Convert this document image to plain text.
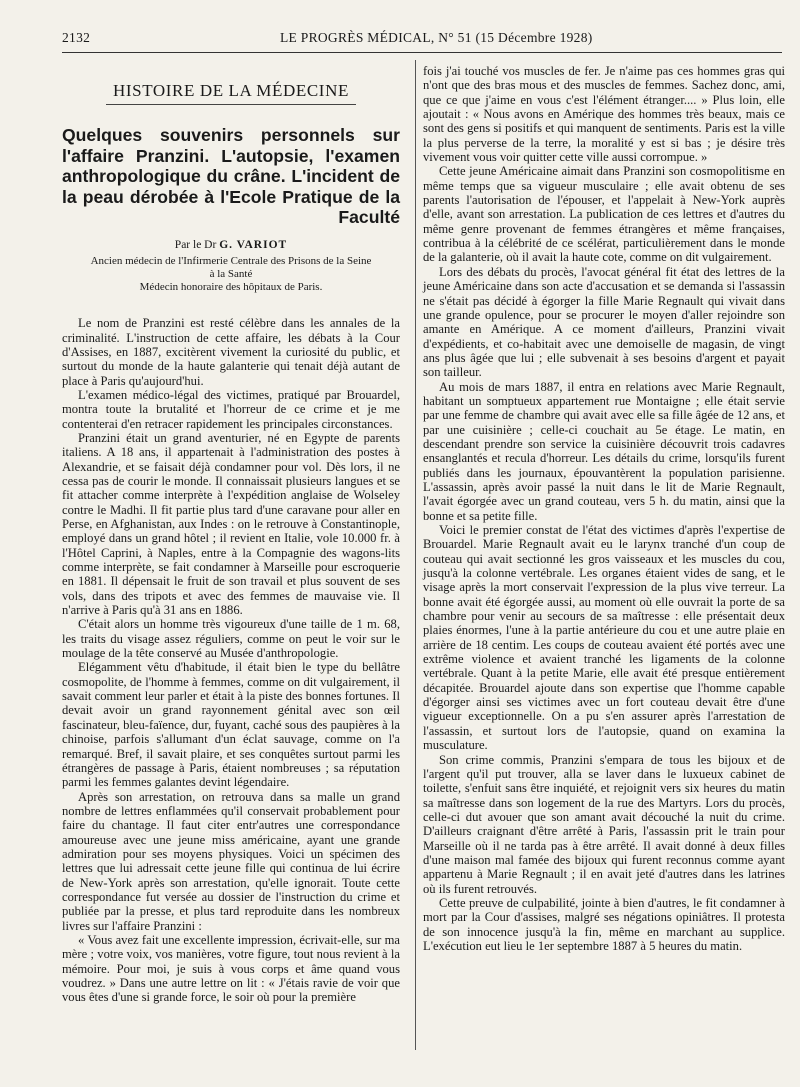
2132	LE PROGRÈS MÉDICAL, N° 51 (15 Décembre 1928)
HISTOIRE DE LA MÉDECINE
Quelques souvenirs personnels sur l'affaire Pranzini. L'autopsie, l'examen anthropologique du crâne. L'incident de la peau dérobée à l'Ecole Pratique de la Faculté
Par le Dr G. VARIOT
Ancien médecin de l'Infirmerie Centrale des Prisons de la Seine
à la Santé
Médecin honoraire des hôpitaux de Paris.

Le nom de Pranzini est resté célèbre dans les annales de la criminalité. L'instruction de cette affaire, les débats à la Cour d'Assises, en 1887, excitèrent vivement la curiosité du public, et surtout du monde de la haute galanterie qui tenait déjà autant de place à Paris qu'aujourd'hui.

L'examen médico-légal des victimes, pratiqué par Brouardel, montra toute la brutalité et l'horreur de ce crime et je me contenterai d'en retracer rapidement les principales circonstances.

Pranzini était un grand aventurier, né en Egypte de parents italiens. A 18 ans, il appartenait à l'administration des postes à Alexandrie, et se faisait déjà condamner pour vol. Dès lors, il ne cessa pas de courir le monde. Il connaissait plusieurs langues et se fit attacher comme interprète à l'expédition anglaise de Wolseley contre le Madhi. Il fit partie plus tard d'une caravane pour aller en Perse, en Afghanistan, aux Indes : on le retrouve à Constantinople, employé dans un grand hôtel ; il revient en Italie, vole 10.000 fr. à l'Hôtel Caprini, à Naples, entre à la Compagnie des wagons-lits comme interprète, se fait condamner à Marseille pour escroquerie en 1881. Il dépensait le fruit de son travail et plus souvent de ses vols, dans des tripots et avec des femmes de mauvaise vie. Il n'arrive à Paris qu'à 31 ans en 1886.

C'était alors un homme très vigoureux d'une taille de 1 m. 68, les traits du visage assez réguliers, comme on peut le voir sur le moulage de la tête conservé au Musée d'anthropologie.

Elégamment vêtu d'habitude, il était bien le type du bellâtre cosmopolite, de l'homme à femmes, comme on dit vulgairement, il savait comment leur parler et était à la piste des bonnes fortunes. Il devait avoir un grand rayonnement génital avec son œil fascinateur, bleu-faïence, dur, fuyant, caché sous des paupières à la chinoise, parfois s'allumant d'un éclat sauvage, comme on l'a remarqué. Bref, il savait plaire, et ses conquêtes surtout parmi les étrangères de passage à Paris, étaient nombreuses ; sa réputation parmi les femmes galantes devint légendaire.

Après son arrestation, on retrouva dans sa malle un grand nombre de lettres enflammées qu'il conservait probablement pour faire du chantage. Il faut citer entr'autres une correspondance amoureuse avec une jeune miss américaine, ayant une grande admiration pour ses moyens physiques. Voici un spécimen des lettres que lui adressait cette jeune fille qui continua de lui écrire de New-York après son arrestation, qu'elle ignorait. Toute cette correspondance fut versée au dossier de l'instruction du crime et publiée par la presse, et plus tard reproduite dans les nombreux livres sur l'affaire Pranzini :

« Vous avez fait une excellente impression, écrivait-elle, sur ma mère ; votre voix, vos manières, votre figure, tout nous revient à la mémoire. Pour moi, je suis à vous corps et âme quand vous voudrez. » Dans une autre lettre on lit : « J'étais ravie de voir que vous êtes d'une si grande force, le soir où pour la première

fois j'ai touché vos muscles de fer. Je n'aime pas ces hommes gras qui n'ont que des bras mous et des muscles de femmes. Sachez donc, ami, que ce que j'aime en vous c'est l'élément étranger.... » Plus loin, elle ajoutait : « Nous avons en Amérique des hommes très beaux, mais ce sont des gens si positifs et qui manquent de sentiments. Paris est la ville la plus perverse de la terre, la moralité y est si bas ; je désire très vivement vous voir quitter cette ville aussi corrompue. »

Cette jeune Américaine aimait dans Pranzini son cosmopolitisme en même temps que sa vigueur musculaire ; elle avait obtenu de ses parents l'autorisation de l'épouser, et l'appelait à New-York auprès d'elle, avant son arrestation. La publication de ces lettres et d'autres du même genre provenant de femmes étrangères et même françaises, contribua à la célébrité de ce scélérat, particulièrement dans le monde de la galanterie, où il avait la haute cote, comme on dit vulgairement.

Lors des débats du procès, l'avocat général fit état des lettres de la jeune Américaine dans son acte d'accusation et se demanda si l'assassin ne s'était pas décidé à égorger la fille Marie Regnault qui vivait dans une grande opulence, pour se procurer le moyen d'aller rejoindre son amante en Amérique. A ce moment d'ailleurs, Pranzini vivait d'expédients, et co-habitait avec une demoiselle de magasin, de vingt ans plus âgée que lui ; elle subvenait à ses besoins d'argent et payait son tailleur.

Au mois de mars 1887, il entra en relations avec Marie Regnault, habitant un somptueux appartement rue Montaigne ; elle était servie par une femme de chambre qui avait avec elle sa fille âgée de 12 ans, et par une cuisinière ; celle-ci couchait au 5e étage. Le matin, en descendant prendre son service la cuisinière découvrit trois cadavres ensanglantés et recula d'horreur. Les détails du crime, lorsqu'ils furent publiés dans les journaux, épouvantèrent la population parisienne. L'assassin, après avoir passé la nuit dans le lit de Marie Regnault, l'avait égorgée avec un grand couteau, vers 5 h. du matin, ainsi que la bonne et sa petite fille.

Voici le premier constat de l'état des victimes d'après l'expertise de Brouardel. Marie Regnault avait eu le larynx tranché d'un coup de couteau qui avait sectionné les gros vaisseaux et les muscles du cou, jusqu'à la colonne vertébrale. Les organes étaient vides de sang, et le visage après la mort conservait l'expression de la plus vive terreur. La bonne avait été égorgée aussi, au moment où elle ouvrait la porte de sa chambre pour venir au secours de sa maîtresse : elle présentait deux plaies énormes, l'une à la partie antérieure du cou et une autre plaie en arrière de 18 centim. Les coups de couteau avaient été portés avec une extrême violence et avaient tranché les ligaments de la colonne vertébrale. Quant à la petite Marie, elle avait été presque entièrement décapitée. Brouardel ajoute dans son expertise que l'homme capable d'égorger ainsi ses victimes avec un fort couteau devait être d'une vigueur exceptionnelle. On a pu s'en assurer après l'arrestation de l'assassin, et surtout lors de l'autopsie, quand on examina la musculature.

Son crime commis, Pranzini s'empara de tous les bijoux et de l'argent qu'il put trouver, alla se laver dans le luxueux cabinet de toilette, s'enfuit sans être inquiété, et rejoignit vers six heures du matin sa maîtresse dans son logement de la rue des Martyrs. Lors du procès, celle-ci dut avouer que son amant avait découché la nuit du crime. D'ailleurs craignant d'être arrêté à Paris, l'assassin prit le train pour Marseille où il ne tarda pas à être arrêté. Il avait donné à deux filles d'une maison mal famée des bijoux qui furent reconnus comme ayant appartenu à Marie Regnault ; il en avait jeté d'autres dans les latrines où ils furent retrouvés.

Cette preuve de culpabilité, jointe à bien d'autres, le fit condamner à mort par la Cour d'assises, malgré ses négations opiniâtres. Il protesta de son innocence jusqu'à la fin, même en marchant au supplice. L'exécution eut lieu le 1er septembre 1887 à 5 heures du matin.
